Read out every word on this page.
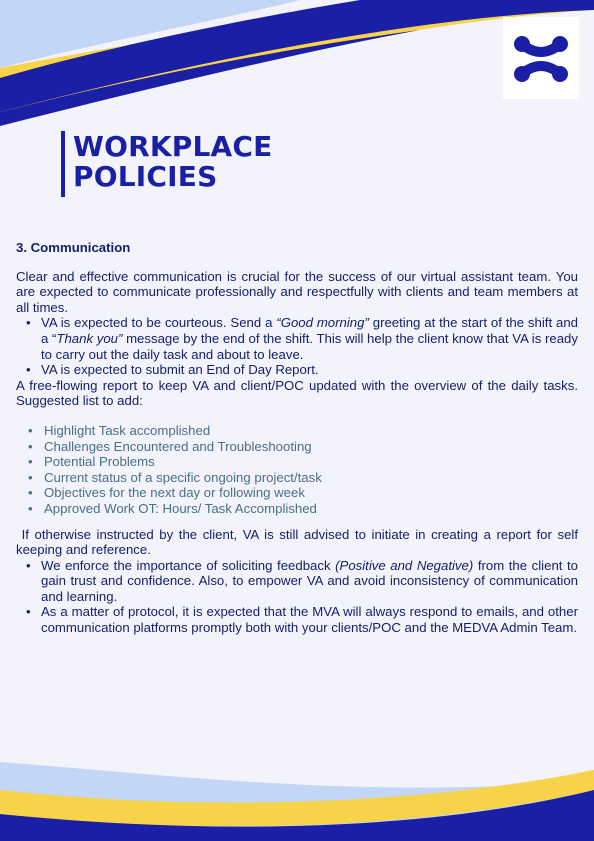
WORKPLACE
POLICIES
3. Communication

Clear and effective communication is crucial for the success of our virtual assistant team. You are expected to communicate professionally and respectfully with clients and team members at all times.

• VA is expected to be courteous. Send a “Good morning” greeting at the start of the shift and a “Thank you” message by the end of the shift. This will help the client know that VA is ready to carry out the daily task and about to leave.
• VA is expected to submit an End of Day Report.

A free-flowing report to keep VA and client/POC updated with the overview of the daily tasks. Suggested list to add:

• Highlight Task accomplished
• Challenges Encountered and Troubleshooting
• Potential Problems
• Current status of a specific ongoing project/task
• Objectives for the next day or following week
• Approved Work OT: Hours/ Task Accomplished

If otherwise instructed by the client, VA is still advised to initiate in creating a report for self keeping and reference.

• We enforce the importance of soliciting feedback (Positive and Negative) from the client to gain trust and confidence. Also, to empower VA and avoid inconsistency of communication and learning.
• As a matter of protocol, it is expected that the MVA will always respond to emails, and other communication platforms promptly both with your clients/POC and the MEDVA Admin Team.
